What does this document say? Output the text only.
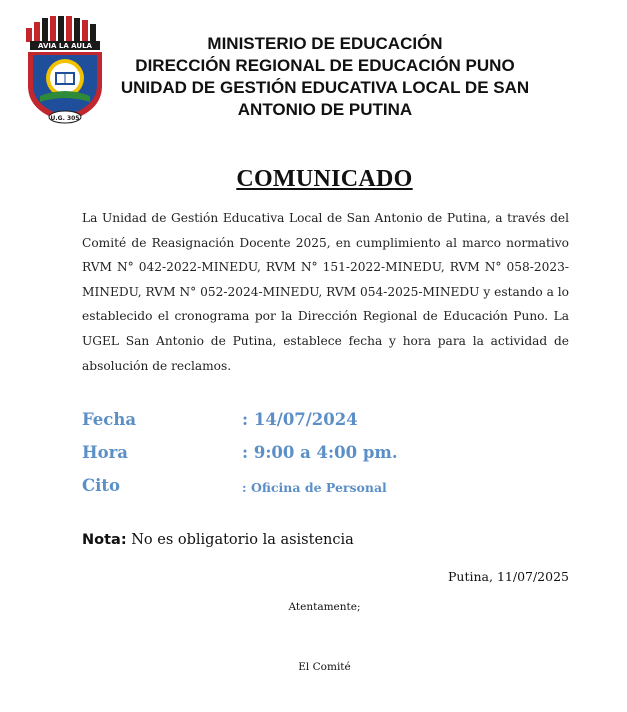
AVIA LA AULA
U.G. 305
MINISTERIO DE EDUCACIÓN
DIRECCIÓN REGIONAL DE EDUCACIÓN PUNO
UNIDAD DE GESTIÓN EDUCATIVA LOCAL DE SAN
ANTONIO DE PUTINA
COMUNICADO
La Unidad de Gestión Educativa Local de San Antonio de Putina, a través del Comité de Reasignación Docente 2025, en cumplimiento al marco normativo RVM N° 042-2022-MINEDU, RVM N° 151-2022-MINEDU, RVM N° 058-2023-MINEDU, RVM N° 052-2024-MINEDU, RVM 054-2025-MINEDU y estando a lo establecido el cronograma por la Dirección Regional de Educación Puno. La UGEL San Antonio de Putina, establece fecha y hora para la actividad de absolución de reclamos.
Fecha	: 14/07/2024
Hora	: 9:00 a 4:00 pm.
Cito	: Oficina de Personal
Nota: No es obligatorio la asistencia
Putina, 11/07/2025
Atentamente;
El Comité
